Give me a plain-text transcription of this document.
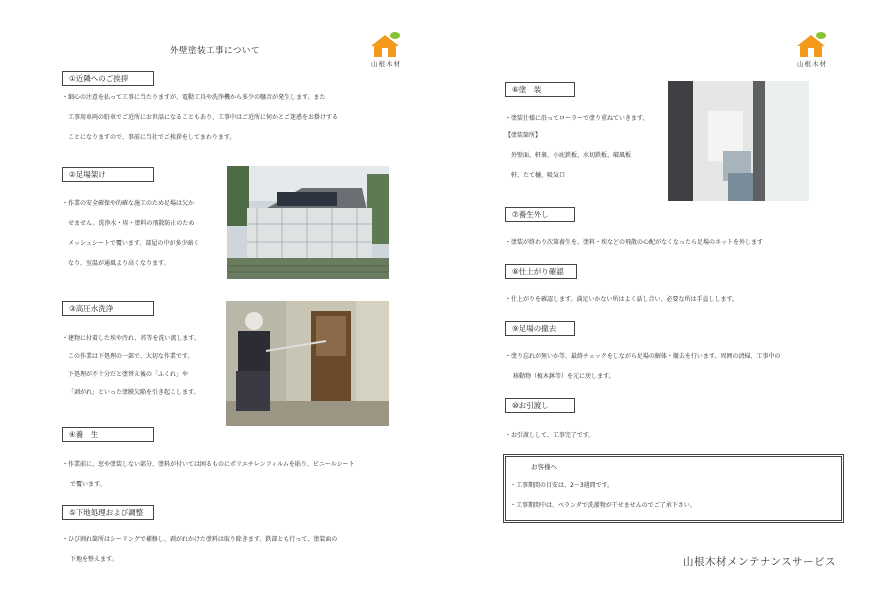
外壁塗装工事について
山根木材
①近隣へのご挨拶
・細心の注意を払って工事に当たりますが、電動工具や洗浄機から多少の騒音が発生します。また
工事用車両の駐車でご近所にお世話になることもあり、工事中はご近所に何かとご迷惑をお掛けする
ことになりますので、事前に当社でご挨拶をしてまわります。
②足場架け
・作業の安全確保や的確な施工のため足場は欠か
せません。洗浄水・埃・塗料の飛散防止のため
メッシュシートで覆います。部屋の中が多少暗く
なり、室温が通風より高くなります。
③高圧水洗浄
・建物に付着した埃や汚れ、苔等を洗い流します。
この作業は下処理の一部で、大切な作業です。
下処理が不十分だと塗替え後の「ふくれ」や
「剥がれ」といった塗膜欠陥を引き起こします。
④養　生
・作業前に、窓や塗装しない部分、塗料が付いては困るものにポリエチレンフィルムを貼り、ビニールシート
で覆います。
⑤下地処理および調整
・ひび割れ箇所はシーリングで補修し、剥がれかけた塗料は取り除きます。鉄部とも行って、塗装面の
下地を整えます。
山根木材
⑥塗　装
・塗装仕様に沿ってローラーで塗り重ねていきます。
【塗装箇所】
外壁面、軒裏、小庇鉄板、水切鉄板、破風板
軒、たて樋、吸気口
⑦養生外し
・塗装が終わり次第養生を、塗料・埃などの飛散の心配がなくなったら足場のネットを外します
⑧仕上がり確認
・仕上がりを確認します。満足いかない所はよく話し合い、必要な所は手直しします。
⑨足場の撤去
・塗り忘れが無いか等、最終チェックをしながら足場の解体・撤去を行います。周囲の清掃、工事中の
移動物（植木鉢等）を元に戻します。
⑩お引渡し
・お引渡しして、工事完了です。
お客様へ
・工事期間の目安は、2～3週間です。
・工事期間中は、ベランダで洗濯物が干せませんのでご了承下さい。
山根木材メンテナンスサービス
